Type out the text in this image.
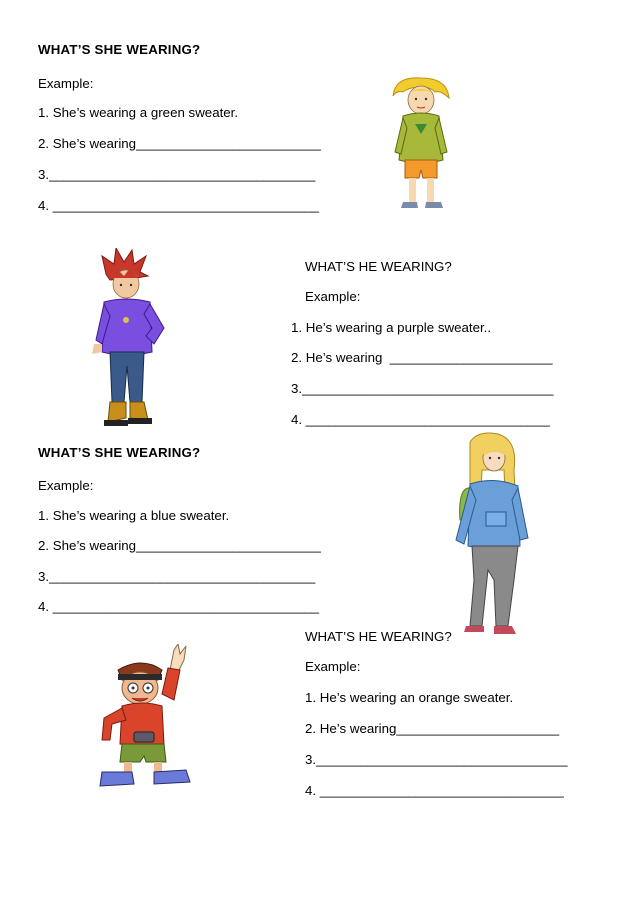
WHAT’S SHE WEARING?
Example:
1. She’s wearing a green sweater.
2. She’s wearing_________________________
3.____________________________________
4. ____________________________________
WHAT’S HE WEARING?
Example:
1. He’s wearing a purple sweater..
2. He’s wearing  ______________________
3.__________________________________
4. _________________________________
WHAT’S SHE WEARING?
Example:
1. She’s wearing a blue sweater.
2. She’s wearing_________________________
3.____________________________________
4. ____________________________________
WHAT’S HE WEARING?
Example:
1. He’s wearing an orange sweater.
2. He’s wearing______________________
3.__________________________________
4. _________________________________
